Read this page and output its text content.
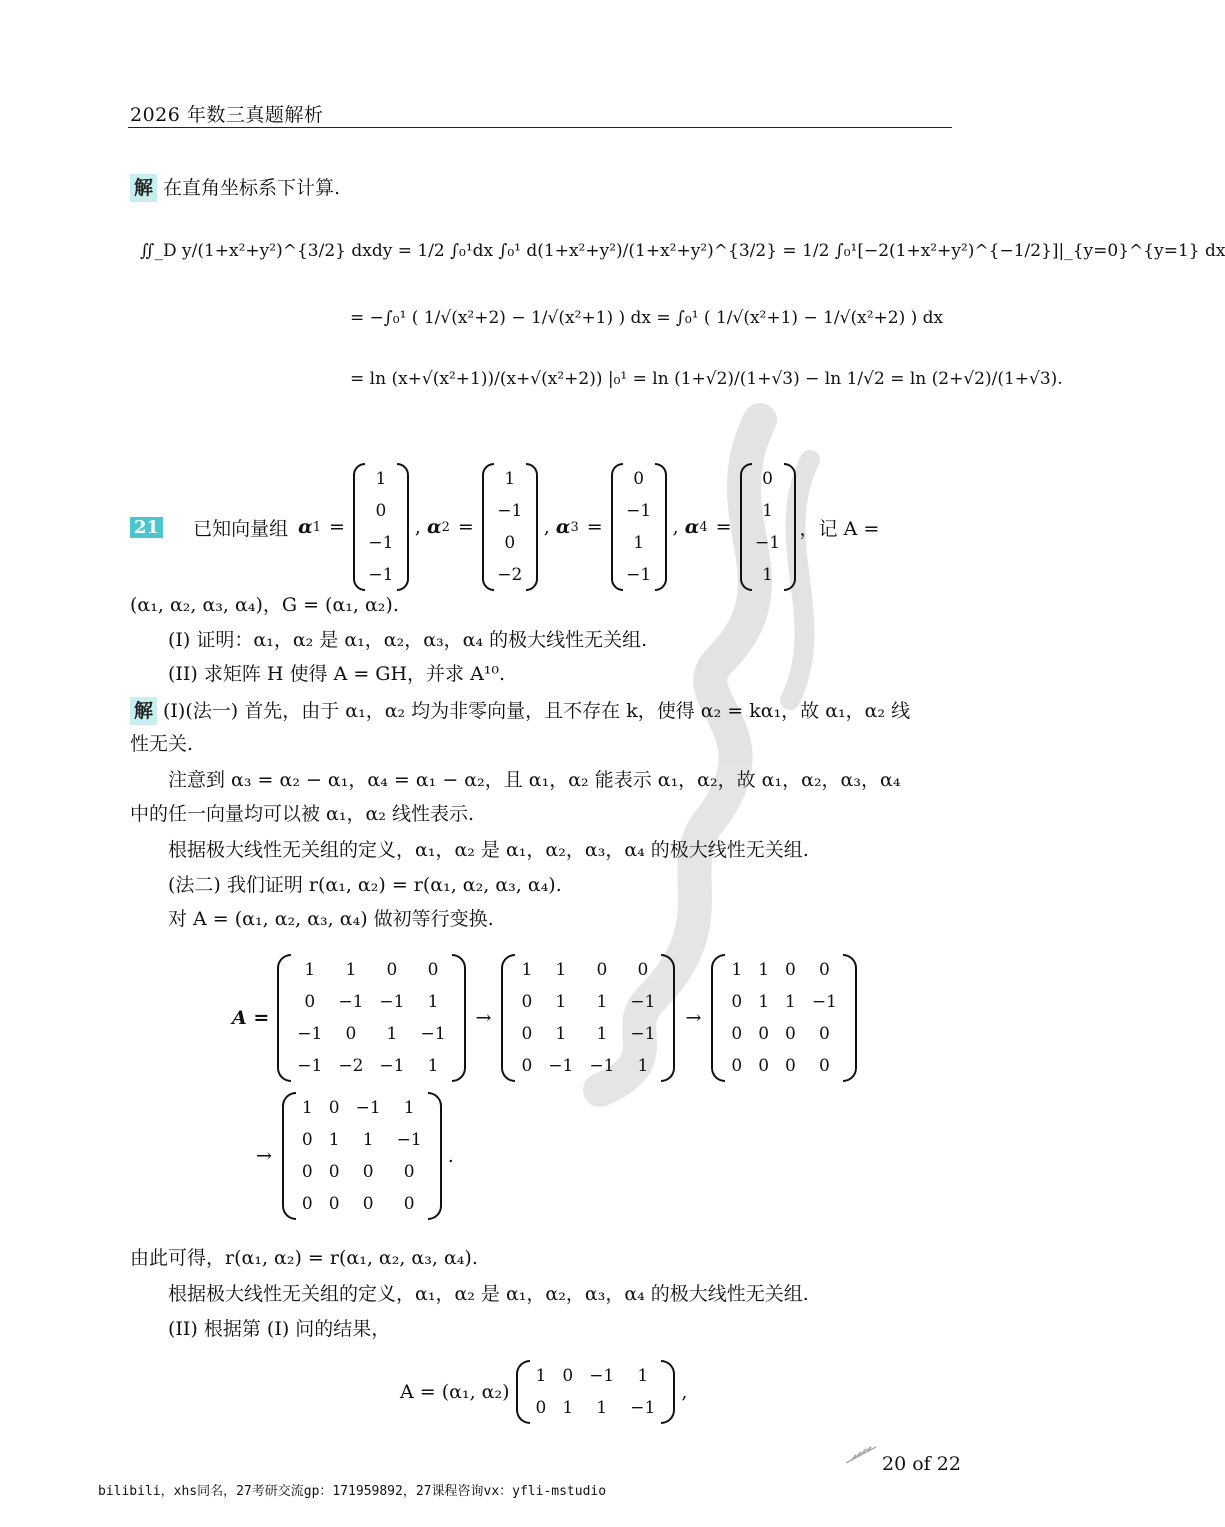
2026 年数三真题解析
解 在直角坐标系下计算.
∬_D y/(1+x²+y²)^{3/2} dxdy = 1/2 ∫₀¹dx ∫₀¹ d(1+x²+y²)/(1+x²+y²)^{3/2} = 1/2 ∫₀¹[−2(1+x²+y²)^{−1/2}]|_{y=0}^{y=1} dx
= −∫₀¹ ( 1/√(x²+2) − 1/√(x²+1) ) dx = ∫₀¹ ( 1/√(x²+1) − 1/√(x²+2) ) dx
= ln (x+√(x²+1))/(x+√(x²+2)) |₀¹ = ln (1+√2)/(1+√3) − ln 1/√2 = ln (2+√2)/(1+√3).
21 已知向量组 α 1 =
1
0
−1
−1
, α 2 =
1
−1
0
−2
, α 3 =
0
−1
1
−1
, α 4 =
0
1
−1
1
，记 A =
(α₁, α₂, α₃, α₄)，G = (α₁, α₂).
(I) 证明：α₁，α₂ 是 α₁，α₂，α₃，α₄ 的极大线性无关组.
(II) 求矩阵 H 使得 A = GH，并求 A¹⁰.
解 (I)(法一) 首先，由于 α₁，α₂ 均为非零向量，且不存在 k，使得 α₂ = kα₁，故 α₁，α₂ 线
性无关.
注意到 α₃ = α₂ − α₁，α₄ = α₁ − α₂，且 α₁，α₂ 能表示 α₁，α₂，故 α₁，α₂，α₃，α₄
中的任一向量均可以被 α₁，α₂ 线性表示.
根据极大线性无关组的定义，α₁，α₂ 是 α₁，α₂，α₃，α₄ 的极大线性无关组.
(法二) 我们证明 r(α₁, α₂) = r(α₁, α₂, α₃, α₄).
对 A = (α₁, α₂, α₃, α₄) 做初等行变换.
A =
1	1	0	0
0	−1	−1	1
−1	0	1	−1
−1	−2	−1	1
→
1	1	0	0
0	1	1	−1
0	1	1	−1
0	−1	−1	1
→
1	1	0	0
0	1	1	−1
0	0	0	0
0	0	0	0
→
1	0	−1	1
0	1	1	−1
0	0	0	0
0	0	0	0
.
由此可得，r(α₁, α₂) = r(α₁, α₂, α₃, α₄).
根据极大线性无关组的定义，α₁，α₂ 是 α₁，α₂，α₃，α₄ 的极大线性无关组.
(II) 根据第 (I) 问的结果，
A = (α₁, α₂)
1	0	−1	1
0	1	1	−1
,
20 of 22
bilibili，xhs同名，27考研交流gp：171959892，27课程咨询vx：yfli-mstudio
